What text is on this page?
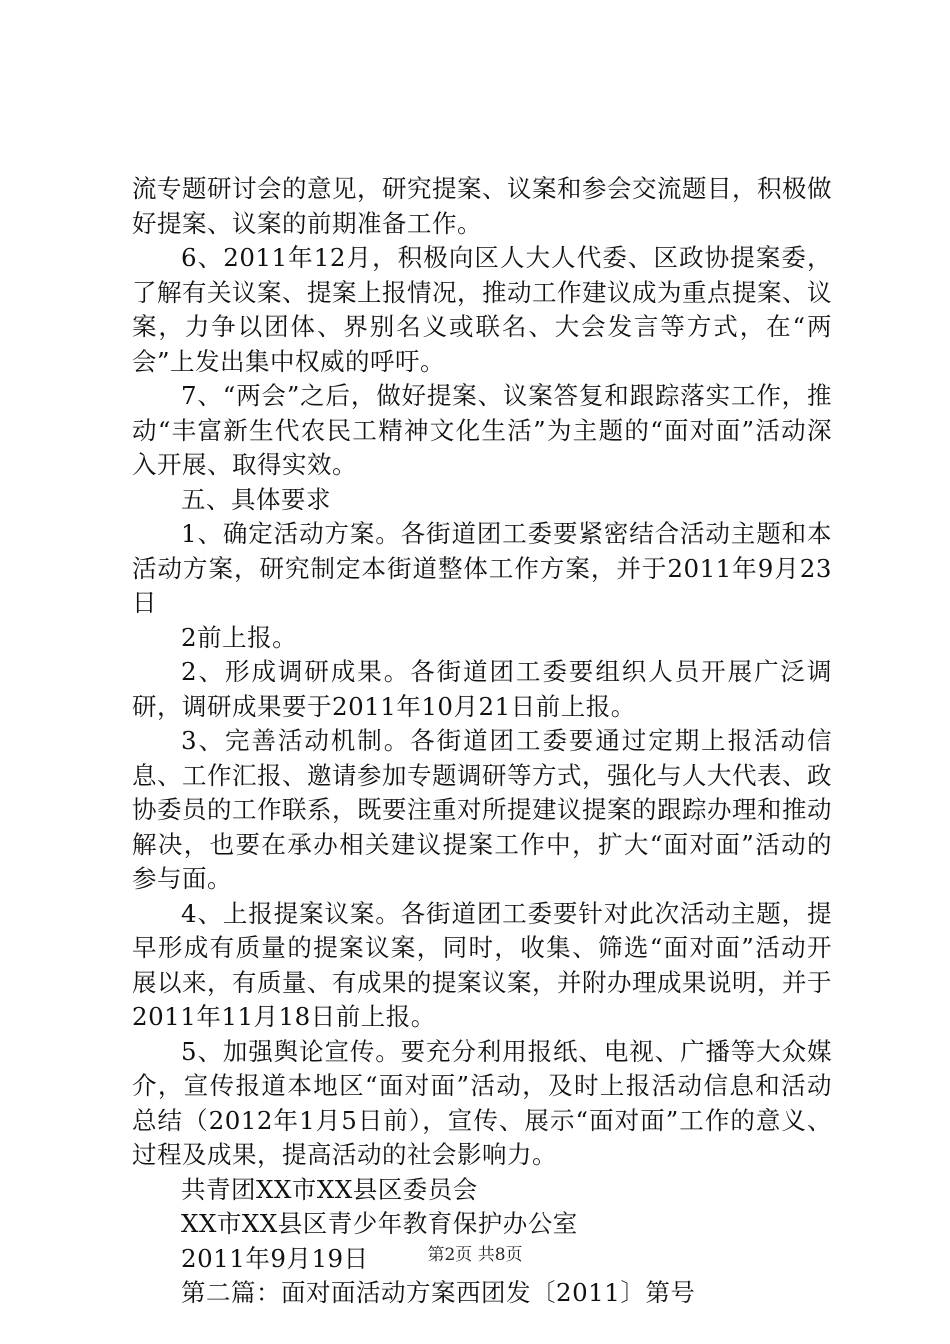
流专题研讨会的意见，研究提案、议案和参会交流题目，积极做好提案、议案的前期准备工作。

6、2011年12月，积极向区人大人代委、区政协提案委，了解有关议案、提案上报情况，推动工作建议成为重点提案、议案，力争以团体、界别名义或联名、大会发言等方式，在“两会”上发出集中权威的呼吁。

7、“两会”之后，做好提案、议案答复和跟踪落实工作，推动“丰富新生代农民工精神文化生活”为主题的“面对面”活动深入开展、取得实效。

五、具体要求

1、确定活动方案。各街道团工委要紧密结合活动主题和本活动方案，研究制定本街道整体工作方案，并于2011年9月23日

2前上报。

2、形成调研成果。各街道团工委要组织人员开展广泛调研，调研成果要于2011年10月21日前上报。

3、完善活动机制。各街道团工委要通过定期上报活动信息、工作汇报、邀请参加专题调研等方式，强化与人大代表、政协委员的工作联系，既要注重对所提建议提案的跟踪办理和推动解决，也要在承办相关建议提案工作中，扩大“面对面”活动的参与面。

4、上报提案议案。各街道团工委要针对此次活动主题，提早形成有质量的提案议案，同时，收集、筛选“面对面”活动开展以来，有质量、有成果的提案议案，并附办理成果说明，并于2011年11月18日前上报。

5、加强舆论宣传。要充分利用报纸、电视、广播等大众媒介，宣传报道本地区“面对面”活动，及时上报活动信息和活动总结（2012年1月5日前），宣传、展示“面对面”工作的意义、过程及成果，提高活动的社会影响力。

共青团XX市XX县区委员会

XX市XX县区青少年教育保护办公室

2011年9月19日

第二篇：面对面活动方案西团发〔2011〕第号

第2页 共8页
